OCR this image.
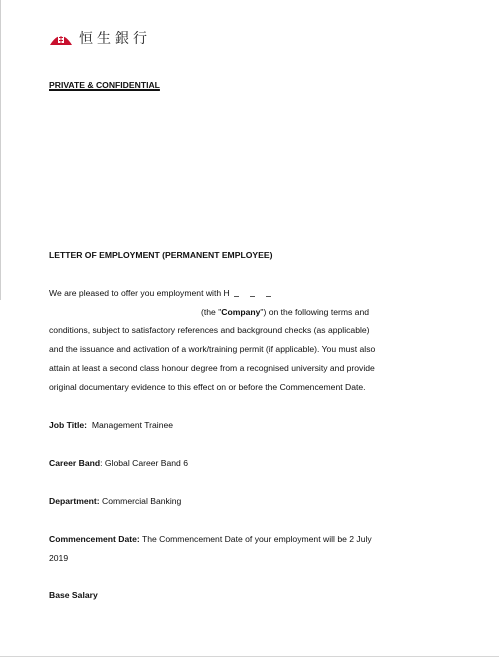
恒生銀行
PRIVATE & CONFIDENTIAL
LETTER OF EMPLOYMENT (PERMANENT EMPLOYEE)
We are pleased to offer you employment with H
(the "Company") on the following terms and
conditions, subject to satisfactory references and background checks (as applicable)
and the issuance and activation of a work/training permit (if applicable). You must also
attain at least a second class honour degree from a recognised university and provide
original documentary evidence to this effect on or before the Commencement Date.
Job Title: Management Trainee
Career Band: Global Career Band 6
Department: Commercial Banking
Commencement Date: The Commencement Date of your employment will be 2 July
2019
Base Salary
